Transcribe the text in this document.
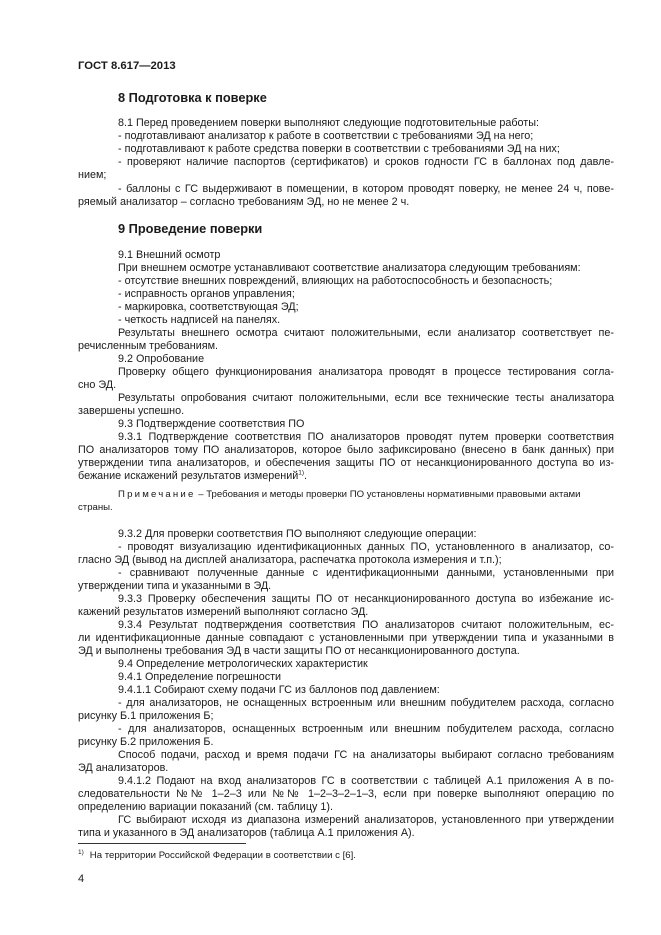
ГОСТ 8.617—2013
8 Подготовка к поверке
9 Проведение поверки
8.1 Перед проведением поверки выполняют следующие подготовительные работы:
- подготавливают анализатор к работе в соответствии с требованиями ЭД на него;
- подготавливают к работе средства поверки в соответствии с требованиями ЭД на них;
- проверяют наличие паспортов (сертификатов) и сроков годности ГС в баллонах под давле-
нием;
- баллоны с ГС выдерживают в помещении, в котором проводят поверку, не менее 24 ч, пове-
ряемый анализатор – согласно требованиям ЭД, но не менее 2 ч.
9.1 Внешний осмотр
При внешнем осмотре устанавливают соответствие анализатора следующим требованиям:
- отсутствие внешних повреждений, влияющих на работоспособность и безопасность;
- исправность органов управления;
- маркировка, соответствующая ЭД;
- четкость надписей на панелях.
Результаты внешнего осмотра считают положительными, если анализатор соответствует пе-
речисленным требованиям.
9.2 Опробование
Проверку общего функционирования анализатора проводят в процессе тестирования согла-
сно ЭД.
Результаты опробования считают положительными, если все технические тесты анализатора
завершены успешно.
9.3 Подтверждение соответствия ПО
9.3.1 Подтверждение соответствия ПО анализаторов проводят путем проверки соответствия
ПО анализаторов тому ПО анализаторов, которое было зафиксировано (внесено в банк данных) при
утверждении типа анализаторов, и обеспечения защиты ПО от несанкционированного доступа во из-
бежание искажений результатов измерений$^{1)}$.
9.3.2 Для проверки соответствия ПО выполняют следующие операции:
- проводят визуализацию идентификационных данных ПО, установленного в анализатор, со-
гласно ЭД (вывод на дисплей анализатора, распечатка протокола измерения и т.п.);
- сравнивают полученные данные с идентификационными данными, установленными при
утверждении типа и указанными в ЭД.
9.3.3 Проверку обеспечения защиты ПО от несанкционированного доступа во избежание ис-
кажений результатов измерений выполняют согласно ЭД.
9.3.4 Результат подтверждения соответствия ПО анализаторов считают положительным, ес-
ли идентификационные данные совпадают с установленными при утверждении типа и указанными в
ЭД и выполнены требования ЭД в части защиты ПО от несанкционированного доступа.
9.4 Определение метрологических характеристик
9.4.1 Определение погрешности
9.4.1.1 Собирают схему подачи ГС из баллонов под давлением:
- для анализаторов, не оснащенных встроенным или внешним побудителем расхода, согласно
рисунку Б.1 приложения Б;
- для анализаторов, оснащенных встроенным или внешним побудителем расхода, согласно
рисунку Б.2 приложения Б.
Способ подачи, расход и время подачи ГС на анализаторы выбирают согласно требованиям
ЭД анализаторов.
9.4.1.2 Подают на вход анализаторов ГС в соответствии с таблицей А.1 приложения А в по-
следовательности №№ 1–2–3 или №№ 1–2–3–2–1–3, если при поверке выполняют операцию по
определению вариации показаний (см. таблицу 1).
ГС выбирают исходя из диапазона измерений анализаторов, установленного при утверждении
типа и указанного в ЭД анализаторов (таблица А.1 приложения А).
Примечание – Требования и методы проверки ПО установлены нормативными правовыми актами
страны.
$^{1)}$ На территории Российской Федерации в соответствии с [6].
4
